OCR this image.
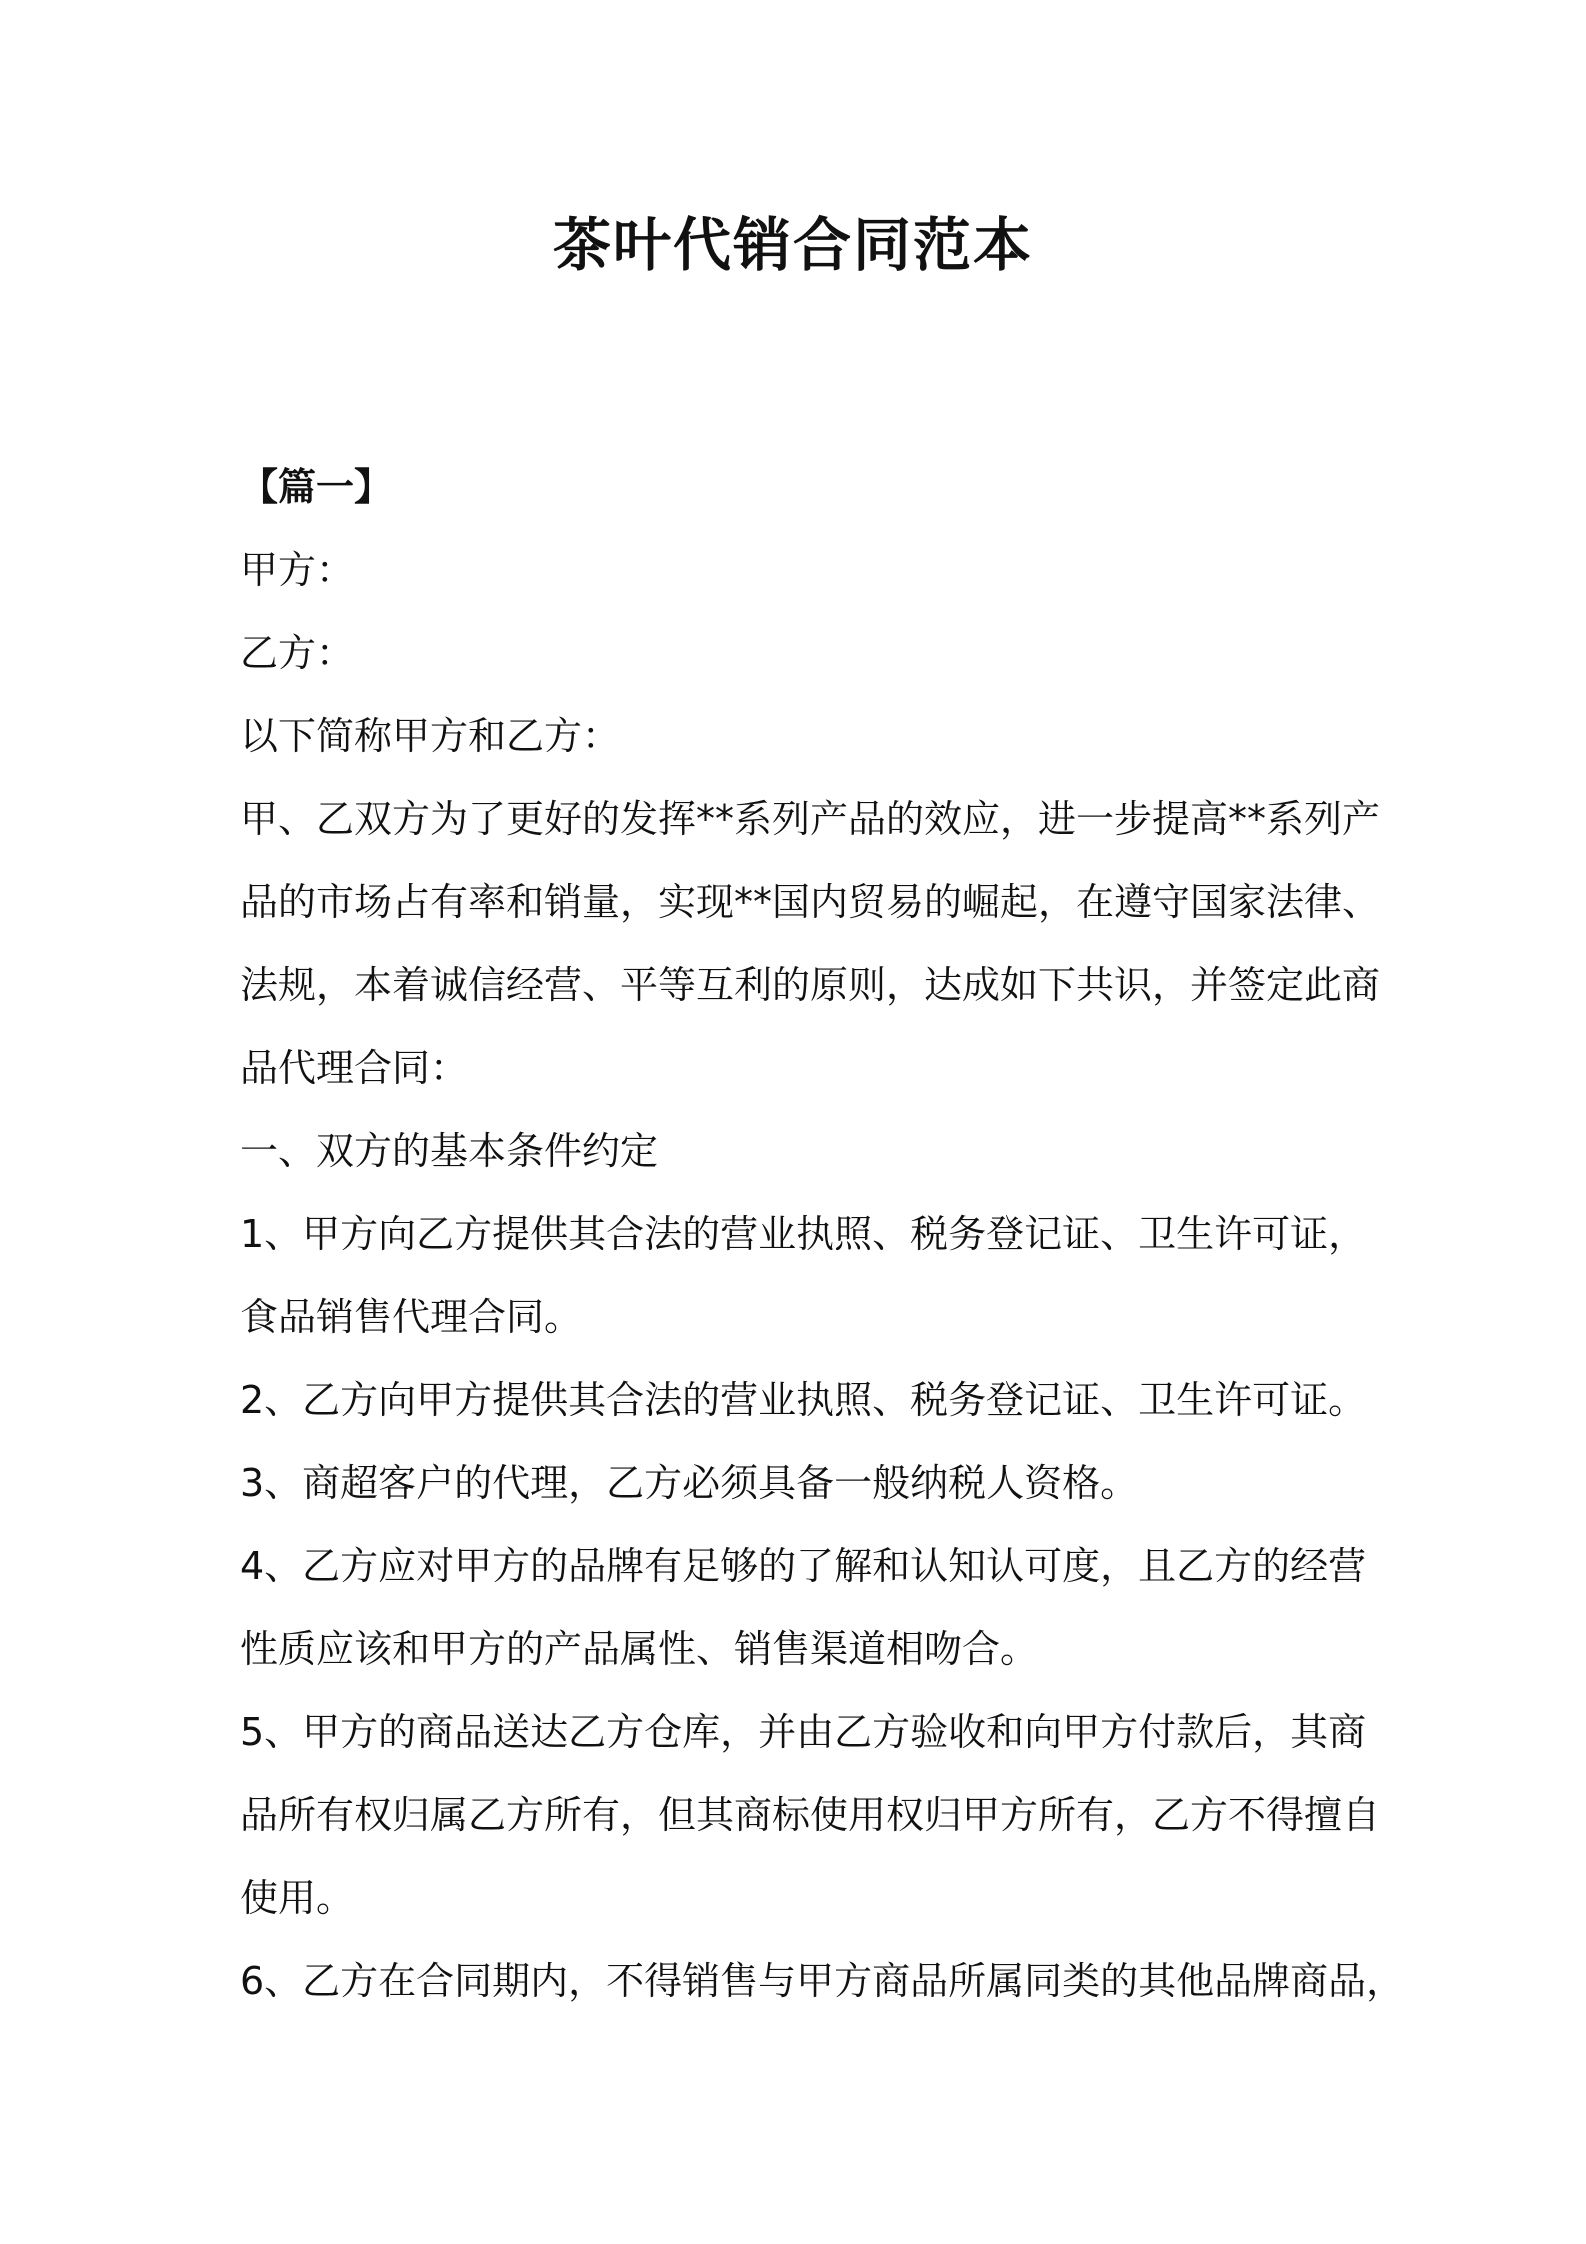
茶叶代销合同范本

【篇一】

甲方：

乙方：

以下简称甲方和乙方：

甲、乙双方为了更好的发挥**系列产品的效应，进一步提高**系列产

品的市场占有率和销量，实现**国内贸易的崛起，在遵守国家法律、

法规，本着诚信经营、平等互利的原则，达成如下共识，并签定此商

品代理合同：

一、双方的基本条件约定

1、甲方向乙方提供其合法的营业执照、税务登记证、卫生许可证，

食品销售代理合同。

2、乙方向甲方提供其合法的营业执照、税务登记证、卫生许可证。

3、商超客户的代理，乙方必须具备一般纳税人资格。

4、乙方应对甲方的品牌有足够的了解和认知认可度，且乙方的经营

性质应该和甲方的产品属性、销售渠道相吻合。

5、甲方的商品送达乙方仓库，并由乙方验收和向甲方付款后，其商

品所有权归属乙方所有，但其商标使用权归甲方所有，乙方不得擅自

使用。

6、乙方在合同期内，不得销售与甲方商品所属同类的其他品牌商品，
